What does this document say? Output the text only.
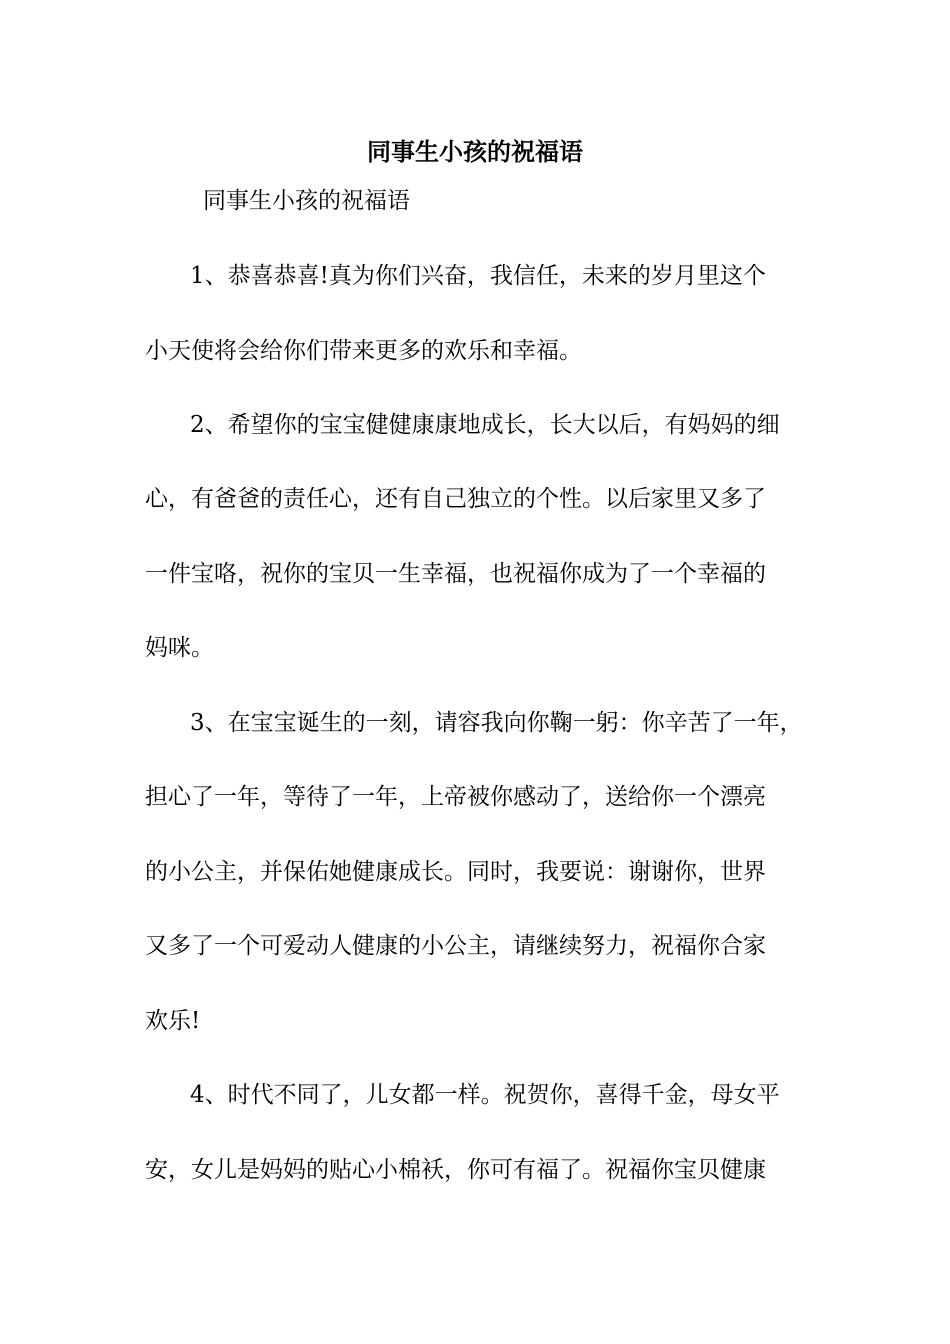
同事生小孩的祝福语
同事生小孩的祝福语
1、恭喜恭喜!真为你们兴奋，我信任，未来的岁月里这个
小天使将会给你们带来更多的欢乐和幸福。
2、希望你的宝宝健健康康地成长，长大以后，有妈妈的细
心，有爸爸的责任心，还有自己独立的个性。以后家里又多了
一件宝咯，祝你的宝贝一生幸福，也祝福你成为了一个幸福的
妈咪。
3、在宝宝诞生的一刻，请容我向你鞠一躬：你辛苦了一年，
担心了一年，等待了一年，上帝被你感动了，送给你一个漂亮
的小公主，并保佑她健康成长。同时，我要说：谢谢你，世界
又多了一个可爱动人健康的小公主，请继续努力，祝福你合家
欢乐!
4、时代不同了，儿女都一样。祝贺你，喜得千金，母女平
安，女儿是妈妈的贴心小棉袄，你可有福了。祝福你宝贝健康
